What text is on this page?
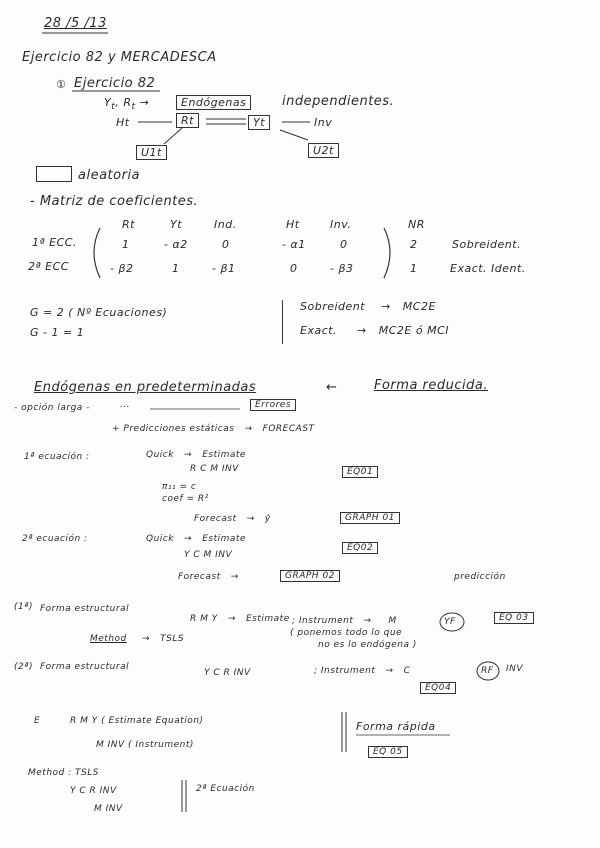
28 /5 /13
Ejercicio 82 y MERCADESCA
① Ejercicio 82
$Y_t$, $R_t$ →	Endógenas	independientes.
Ht	Rt	Yt	Inv
U1t	U2t
aleatoria
- Matriz de coeficientes.
Rt	Yt	Ind.	Ht	Inv.	NR
1ª ECC.	1	- α2	0	- α1	0	2	Sobreident.
2ª ECC	- β2	1	- β1	0	- β3	1	Exact. Ident.
G = 2 ( Nº Ecuaciones)
G - 1 = 1
Sobreident → MC2E
Exact. → MC2E ó MCI
Endógenas en predeterminadas	←	Forma reducida.
- opción larga -	...	Errores
+ Predicciones estáticas → FORECAST
1ª ecuación :	Quick → Estimate
R C M INV	EQ01
π₁₁ = c
coef = R²
Forecast → ŷ	GRAPH 01
2ª ecuación :	Quick → Estimate
Y C M INV
EQ02
Forecast →	GRAPH 02	predicción
(1ª) Forma estructural
R M Y → Estimate ; Instrument → M	YF	EQ 03
Method → TSLS
( ponemos todo lo que
no es lo endógena )
(2ª) Forma estructural
Y C R INV	; Instrument → C	RF INV
EQ04
E	R M Y ( Estimate Equation)
M INV ( Instrument)
Forma rápida
EQ 05
Method : TSLS
Y C R INV
M INV
2ª Ecuación
